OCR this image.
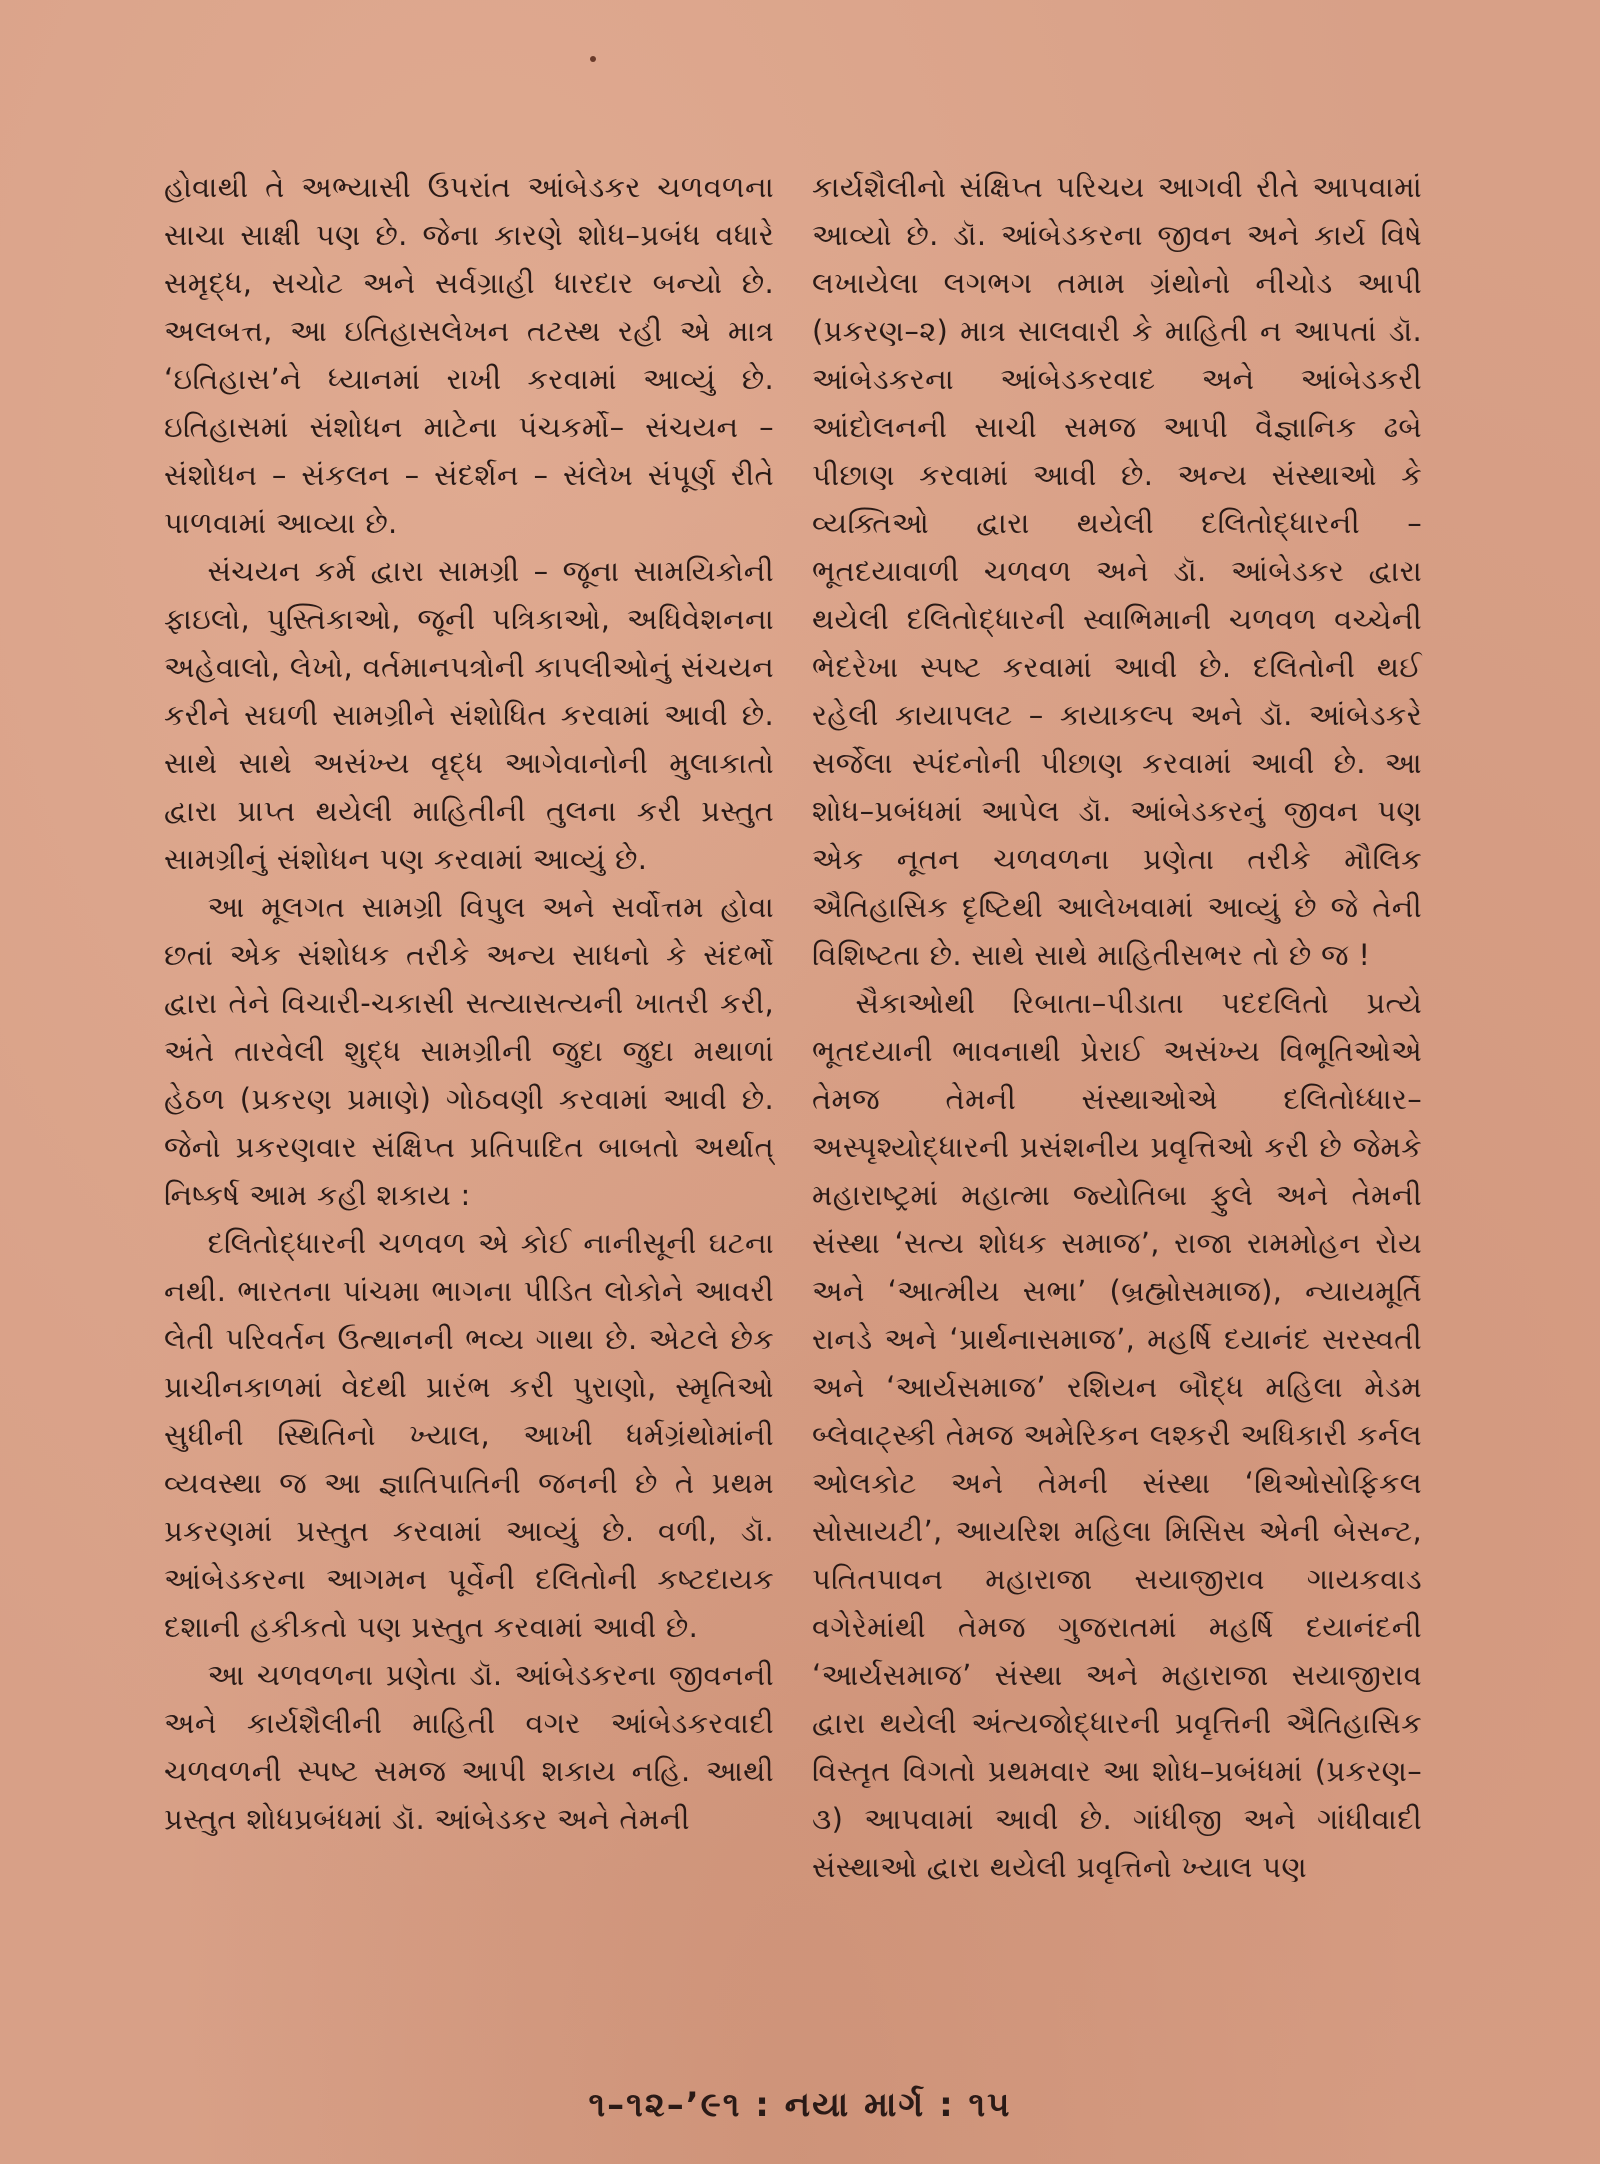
હોવાથી તે અભ્યાસી ઉપરાંત આંબેડકર ચળવળના સાચા સાક્ષી પણ છે. જેના કારણે શોધ–પ્રબંધ વધારે સમૃદ્ધ, સચોટ અને સર્વગ્રાહી ધારદાર બન્યો છે. અલબત્ત, આ ઇતિહાસલેખન તટસ્થ રહી એ માત્ર ‘ઇતિહાસ’ને ધ્યાનમાં રાખી કરવામાં આવ્યું છે. ઇતિહાસમાં સંશોધન માટેના પંચકર્મો– સંચયન – સંશોધન – સંકલન – સંદર્શન – સંલેખ સંપૂર્ણ રીતે પાળવામાં આવ્યા છે.

સંચયન કર્મ દ્વારા સામગ્રી – જૂના સામયિકોની ફાઇલો, પુસ્તિકાઓ, જૂની પત્રિકાઓ, અધિવેશનના અહેવાલો, લેખો, વર્તમાનપત્રોની કાપલીઓનું સંચયન કરીને સઘળી સામગ્રીને સંશોધિત કરવામાં આવી છે. સાથે સાથે અસંખ્ય વૃદ્ધ આગેવાનોની મુલાકાતો દ્વારા પ્રાપ્ત થયેલી માહિતીની તુલના કરી પ્રસ્તુત સામગ્રીનું સંશોધન પણ કરવામાં આવ્યું છે.

આ મૂલગત સામગ્રી વિપુલ અને સર્વોત્તમ હોવા છતાં એક સંશોધક તરીકે અન્ય સાધનો કે સંદર્ભો દ્વારા તેને વિચારી-ચકાસી સત્યાસત્યની ખાતરી કરી, અંતે તારવેલી શુદ્ધ સામગ્રીની જુદા જુદા મથાળાં હેઠળ (પ્રકરણ પ્રમાણે) ગોઠવણી કરવામાં આવી છે. જેનો પ્રકરણવાર સંક્ષિપ્ત પ્રતિપાદિત બાબતો અર્થાત્ નિષ્કર્ષ આમ કહી શકાય :

દલિતોદ્ધારની ચળવળ એ કોઈ નાનીસૂની ઘટના નથી. ભારતના પાંચમા ભાગના પીડિત લોકોને આવરી લેતી પરિવર્તન ઉત્થાનની ભવ્ય ગાથા છે. એટલે છેક પ્રાચીનકાળમાં વેદથી પ્રારંભ કરી પુરાણો, સ્મૃતિઓ સુધીની સ્થિતિનો ખ્યાલ, આખી ધર્મગ્રંથોમાંની વ્યવસ્થા જ આ જ્ઞાતિપાતિની જનની છે તે પ્રથમ પ્રકરણમાં પ્રસ્તુત કરવામાં આવ્યું છે. વળી, ડૉ. આંબેડકરના આગમન પૂર્વેની દલિતોની કષ્ટદાયક દશાની હકીકતો પણ પ્રસ્તુત કરવામાં આવી છે.

આ ચળવળના પ્રણેતા ડૉ. આંબેડકરના જીવનની અને કાર્યશૈલીની માહિતી વગર આંબેડકરવાદી ચળવળની સ્પષ્ટ સમજ આપી શકાય નહિ. આથી પ્રસ્તુત શોધપ્રબંધમાં ડૉ. આંબેડકર અને તેમની

કાર્યશૈલીનો સંક્ષિપ્ત પરિચય આગવી રીતે આપવામાં આવ્યો છે. ડૉ. આંબેડકરના જીવન અને કાર્ય વિષે લખાયેલા લગભગ તમામ ગ્રંથોનો નીચોડ આપી (પ્રકરણ–૨) માત્ર સાલવારી કે માહિતી ન આપતાં ડૉ. આંબેડકરના આંબેડકરવાદ અને આંબેડકરી આંદોલનની સાચી સમજ આપી વૈજ્ઞાનિક ઢબે પીછાણ કરવામાં આવી છે. અન્ય સંસ્થાઓ કે વ્યક્તિઓ દ્વારા થયેલી દલિતોદ્ધારની – ભૂતદયાવાળી ચળવળ અને ડૉ. આંબેડકર દ્વારા થયેલી દલિતોદ્ધારની સ્વાભિમાની ચળવળ વચ્ચેની ભેદરેખા સ્પષ્ટ કરવામાં આવી છે. દલિતોની થઈ રહેલી કાયાપલટ – કાયાકલ્પ અને ડૉ. આંબેડકરે સર્જેલા સ્પંદનોની પીછાણ કરવામાં આવી છે. આ શોધ–પ્રબંધમાં આપેલ ડૉ. આંબેડકરનું જીવન પણ એક નૂતન ચળવળના પ્રણેતા તરીકે મૌલિક ઐતિહાસિક દૃષ્ટિથી આલેખવામાં આવ્યું છે જે તેની વિશિષ્ટતા છે. સાથે સાથે માહિતીસભર તો છે જ !

સૈકાઓથી રિબાતા–પીડાતા પદદલિતો પ્રત્યે ભૂતદયાની ભાવનાથી પ્રેરાઈ અસંખ્ય વિભૂતિઓએ તેમજ તેમની સંસ્થાઓએ દલિતોધ્ધાર–અસ્પૃશ્યોદ્ધારની પ્રસંશનીય પ્રવૃત્તિઓ કરી છે જેમકે મહારાષ્ટ્રમાં મહાત્મા જ્યોતિબા ફુલે અને તેમની સંસ્થા ‘સત્ય શોધક સમાજ’, રાજા રામમોહન રોય અને ‘આત્મીય સભા’ (બ્રહ્મોસમાજ), ન્યાયમૂર્તિ રાનડે અને ‘પ્રાર્થનાસમાજ’, મહર્ષિ દયાનંદ સરસ્વતી અને ‘આર્યસમાજ’ રશિયન બૌદ્ધ મહિલા મેડમ બ્લેવાટ્સ્કી તેમજ અમેરિકન લશ્કરી અધિકારી કર્નલ ઓલકોટ અને તેમની સંસ્થા ‘થિઓસોફિકલ સોસાયટી’, આયરિશ મહિલા મિસિસ એની બેસન્ટ, પતિતપાવન મહારાજા સયાજીરાવ ગાયકવાડ વગેરેમાંથી તેમજ ગુજરાતમાં મહર્ષિ દયાનંદની ‘આર્યસમાજ’ સંસ્થા અને મહારાજા સયાજીરાવ દ્વારા થયેલી અંત્યજોદ્ધારની પ્રવૃત્તિની ઐતિહાસિક વિસ્તૃત વિગતો પ્રથમવાર આ શોધ–પ્રબંધમાં (પ્રકરણ–૩) આપવામાં આવી છે. ગાંધીજી અને ગાંધીવાદી સંસ્થાઓ દ્વારા થયેલી પ્રવૃત્તિનો ખ્યાલ પણ

૧–૧૨–’૯૧ : નયા માર્ગ : ૧૫
